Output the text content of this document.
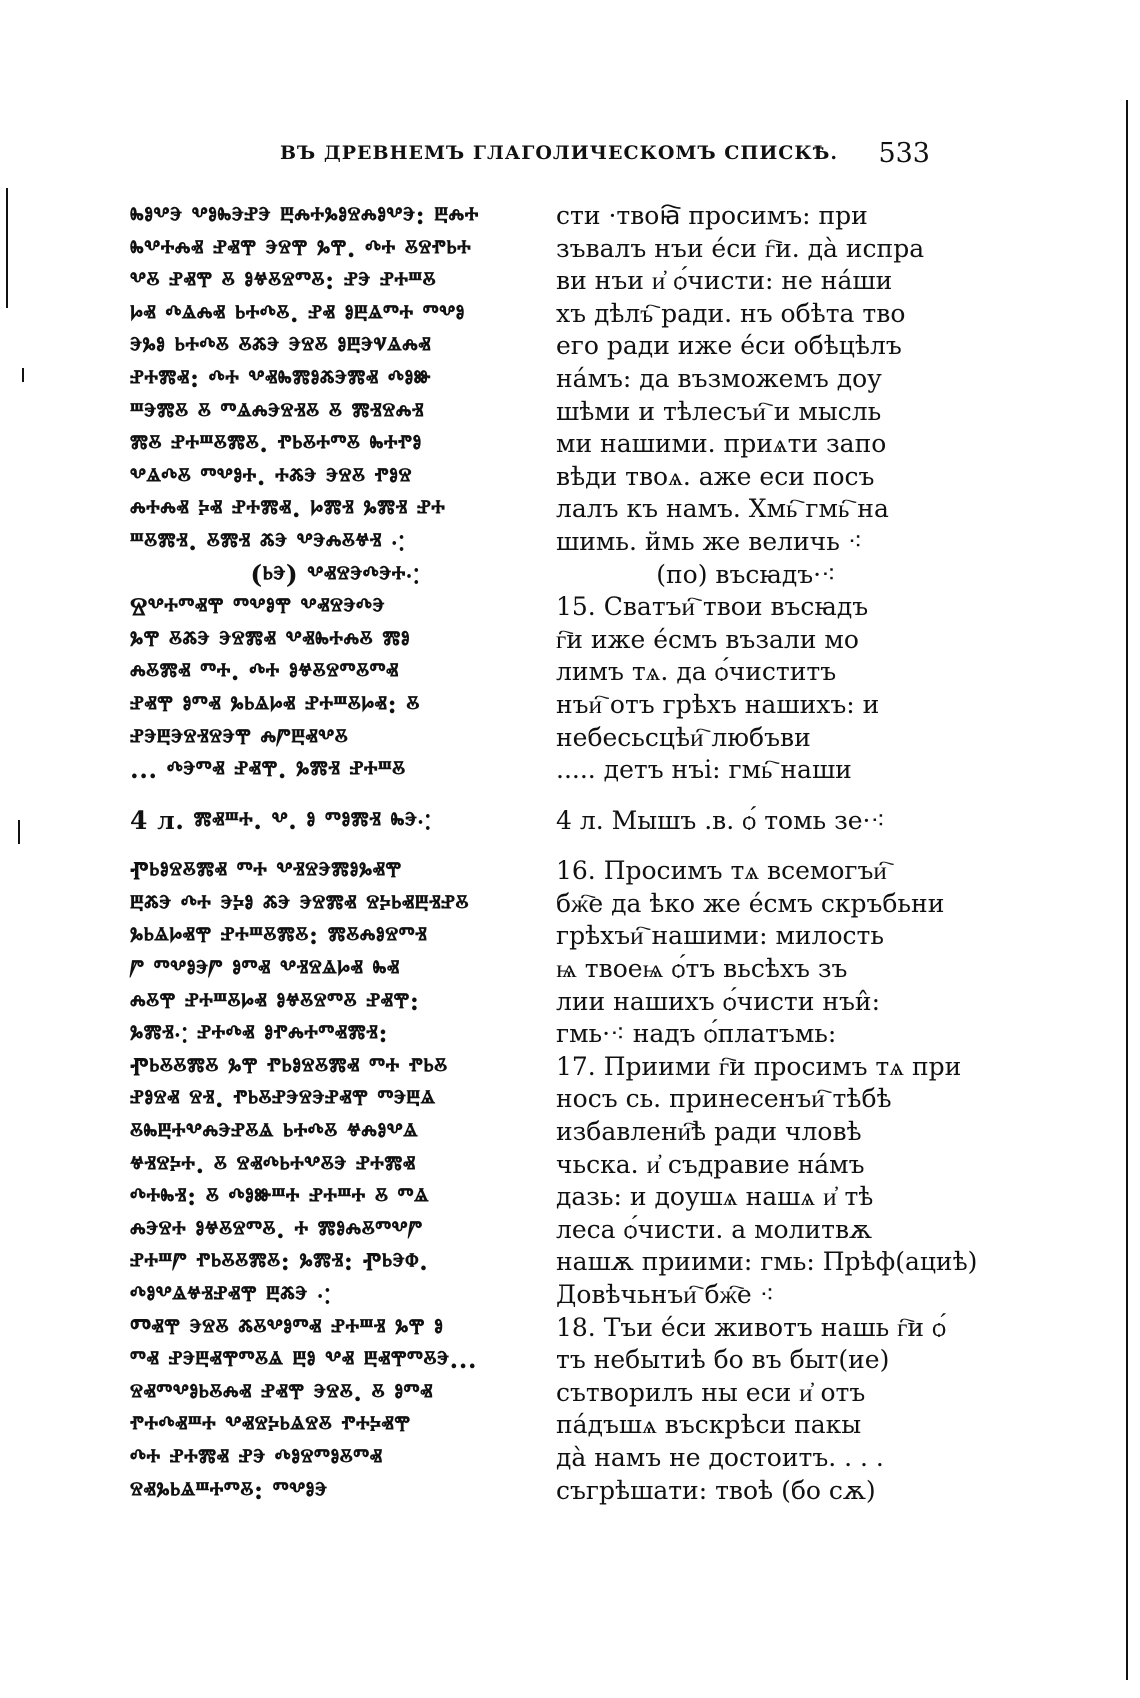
ВЪ ДРЕВНЕМЪ ГЛАГОЛИЧЕСКОМЪ СПИСКѢ. 533
ⰸⱁⰲⰵ ⰲⱁⰸⰵⱀⰵ ⰱⰾⰰⰳⱁⱄⰾⱁⰲⰵ: ⰱⰾⰰ
ⰸⰲⰰⰾⱏ ⱀⱏⰹ ⰵⱄⰹ ⰳⰹ. ⰴⰰ ⰻⱄⱂⱃⰰ
ⰲⰻ ⱀⱏⰹ ⰻ ⱁⱍⰻⱄⱅⰻ: ⱀⰵ ⱀⰰⱎⰻ
ⱈⱏ ⰴⱑⰾⱏ ⱃⰰⰴⰻ. ⱀⱏ ⱁⰱⱑⱅⰰ ⱅⰲⱁ
ⰵⰳⱁ ⱃⰰⰴⰻ ⰻⰶⰵ ⰵⱄⰻ ⱁⰱⰵⱌⱑⰾⱏ
ⱀⰰⰿⱏ: ⰴⰰ ⰲⱏⰸⰿⱁⰶⰵⰿⱏ ⰴⱁⱆ
ⱎⰵⰿⰻ ⰻ ⱅⱑⰾⰵⱄⱐⰻ ⰻ ⰿⱐⱄⰾⱐ
ⰿⰻ ⱀⰰⱎⰻⰿⰻ. ⱂⱃⰻⰰⱅⰻ ⰸⰰⱂⱁ
ⰲⱑⰴⰻ ⱅⰲⱁⰰ. ⰰⰶⰵ ⰵⱄⰻ ⱂⱁⱄ
ⰾⰰⰾⱏ ⰽⱏ ⱀⰰⰿⱏ. ⱈⰿⱐ ⰳⰿⱐ ⱀⰰ
ⱎⰻⰿⱐ. ⰻⰿⱐ ⰶⰵ ⰲⰵⰾⰻⱍⱐ ⁖
(ⱃⰵ) ⰲⱏⱄⰵⰴⰵⰰ⁖
Ⱄⰲⰰⱅⱏⰹ ⱅⰲⱁⰹ ⰲⱏⱄⰵⰴⰵ
ⰳⰹ ⰻⰶⰵ ⰵⱄⰿⱏ ⰲⱏⰸⰰⰾⰻ ⰿⱁ
ⰾⰻⰿⱏ ⱅⰰ. ⰴⰰ ⱁⱍⰻⱄⱅⰻⱅⱏ
ⱀⱏⰹ ⱁⱅⱏ ⰳⱃⱑⱈⱏ ⱀⰰⱎⰻⱈⱏ: ⰻ
ⱀⰵⰱⰵⱄⱐⱄⰵⰹ ⰾⱓⰱⱏⰲⰻ
... ⰴⰵⱅⱏ ⱀⱏⰹ. ⰳⰿⱐ ⱀⰰⱎⰻ
4 л. ⰿⱏⱎⰰ. ⰲ. ⱁ ⱅⱁⰿⱐ ⰸⰵ⁖
Ⱂⱃⱁⱄⰻⰿⱏ ⱅⰰ ⰲⱐⱄⰵⰿⱁⰳⱏⰹ
ⰱⰶⰵ ⰴⰰ ⰵⰽⱁ ⰶⰵ ⰵⱄⰿⱏ ⱄⰽⱃⱏⰱⱐⱀⰻ
ⰳⱃⱑⱈⱏⰹ ⱀⰰⱎⰻⰿⰻ: ⰿⰻⰾⱁⱄⱅⱐ
ⱓ ⱅⰲⱁⰵⱓ ⱁⱅⱏ ⰲⱐⱄⱑⱈⱏ ⰸⱏ
ⰾⰻⰹ ⱀⰰⱎⰻⱈⱏ ⱁⱍⰻⱄⱅⰻ ⱀⱏⰹ:
ⰳⰿⱐ⁖ ⱀⰰⰴⱏ ⱁⱂⰾⰰⱅⱏⰿⱐ:
Ⱂⱃⰻⰻⰿⰻ ⰳⰹ ⱂⱃⱁⱄⰻⰿⱏ ⱅⰰ ⱂⱃⰻ
ⱀⱁⱄⱏ ⱄⱐ. ⱂⱃⰻⱀⰵⱄⰵⱀⱏⰹ ⱅⰵⰱⱑ
ⰻⰸⰱⰰⰲⰾⰵⱀⰻⱑ ⱃⰰⰴⰻ ⱍⰾⱁⰲⱑ
ⱍⱐⱄⰽⰰ. ⰻ ⱄⱏⰴⱃⰰⰲⰻⰵ ⱀⰰⰿⱏ
ⰴⰰⰸⱐ: ⰻ ⰴⱁⱆⱎⰰ ⱀⰰⱎⰰ ⰻ ⱅⱑ
ⰾⰵⱄⰰ ⱁⱍⰻⱄⱅⰻ. ⰰ ⰿⱁⰾⰻⱅⰲⱓ
ⱀⰰⱎⱓ ⱂⱃⰻⰻⰿⰻ: ⰳⰿⱐ: Ⱂⱃⰵⱇ.
ⰴⱁⰲⱑⱍⱐⱀⱏⰹ ⰱⰶⰵ ⁖
Ⱅⱏⰹ ⰵⱄⰻ ⰶⰻⰲⱁⱅⱏ ⱀⰰⱎⱐ ⰳⰹ ⱁ
ⱅⱏ ⱀⰵⰱⱏⰹⱅⰻⱑ ⰱⱁ ⰲⱏ ⰱⱏⰹⱅⰻⰵ...
ⱄⱏⱅⰲⱁⱃⰻⰾⱏ ⱀⱏⰹ ⰵⱄⰻ. ⰻ ⱁⱅⱏ
ⱂⰰⰴⱏⱎⰰ ⰲⱏⱄⰽⱃⱑⱄⰻ ⱂⰰⰽⱏⰹ
ⰴⰰ ⱀⰰⰿⱏ ⱀⰵ ⰴⱁⱄⱅⱁⰻⱅⱏ
ⱄⱏⰳⱃⱑⱎⰰⱅⰻ: ⱅⰲⱁⰵ
сти ·твоꙗ҇ просимъ: при
зъвалъ нъи е́си г҇и. да̀ испра
ви нъи и҆ ѻ́чисти: не на́ши
хъ дѣлъ҇ ради. нъ обѣта тво
его ради иже е́си обѣцѣлъ
на́мъ: да възможемъ доу
шѣми и тѣлесъи҇ и мысль
ми нашими. приѧти запо
вѣди твоѧ. аже еси посъ
лалъ къ намъ. Хмь҇ гмь҇ на
шимь. ймь же величь ⁖
(по) въсꙗдъ·⁖
15. Сватъи҇ твои въсꙗдъ
г҇и иже е́смъ възали мо
лимъ тѧ. да ѻ́чиститъ
нъи҇ отъ грѣхъ нашихъ: и
небесьсцѣи҇ любъви
..... детъ нъі: гмь҇ наши
4 л. Мышъ .в. ѻ́ томь зе·⁖
16. Просимъ тѧ всемогъи҇
бж҇е да ѣко же е́смъ скръбьни
грѣхъи҇ нашими: милость
ѩ твоеѩ ѻ́тъ вьсѣхъ зъ
лии нашихъ ѻ́чисти нъи̂:
гмь·⁖ надъ ѻ́платъмь:
17. Приими г҇и просимъ тѧ при
носъ сь. принесенъи҇ тѣбѣ
избавлени҇ѣ ради чловѣ
чьска. и҆ съдравие на́мъ
дазь: и доушѧ нашѧ и҆ тѣ
леса ѻ́чисти. а молитвѫ
нашѫ приими: гмь: Прѣф(ациѣ)
Довѣчьнъи҇ бж҇е ⁖
18. Тъи е́си животъ нашь г҇и ѻ́
тъ небытиѣ бо въ быт(ие)
сътворилъ ны еси и҆ отъ
па́дъшѧ въскрѣси пакы
да̀ намъ не достоитъ. . . .
съгрѣшати: твоѣ (бо сѫ)
